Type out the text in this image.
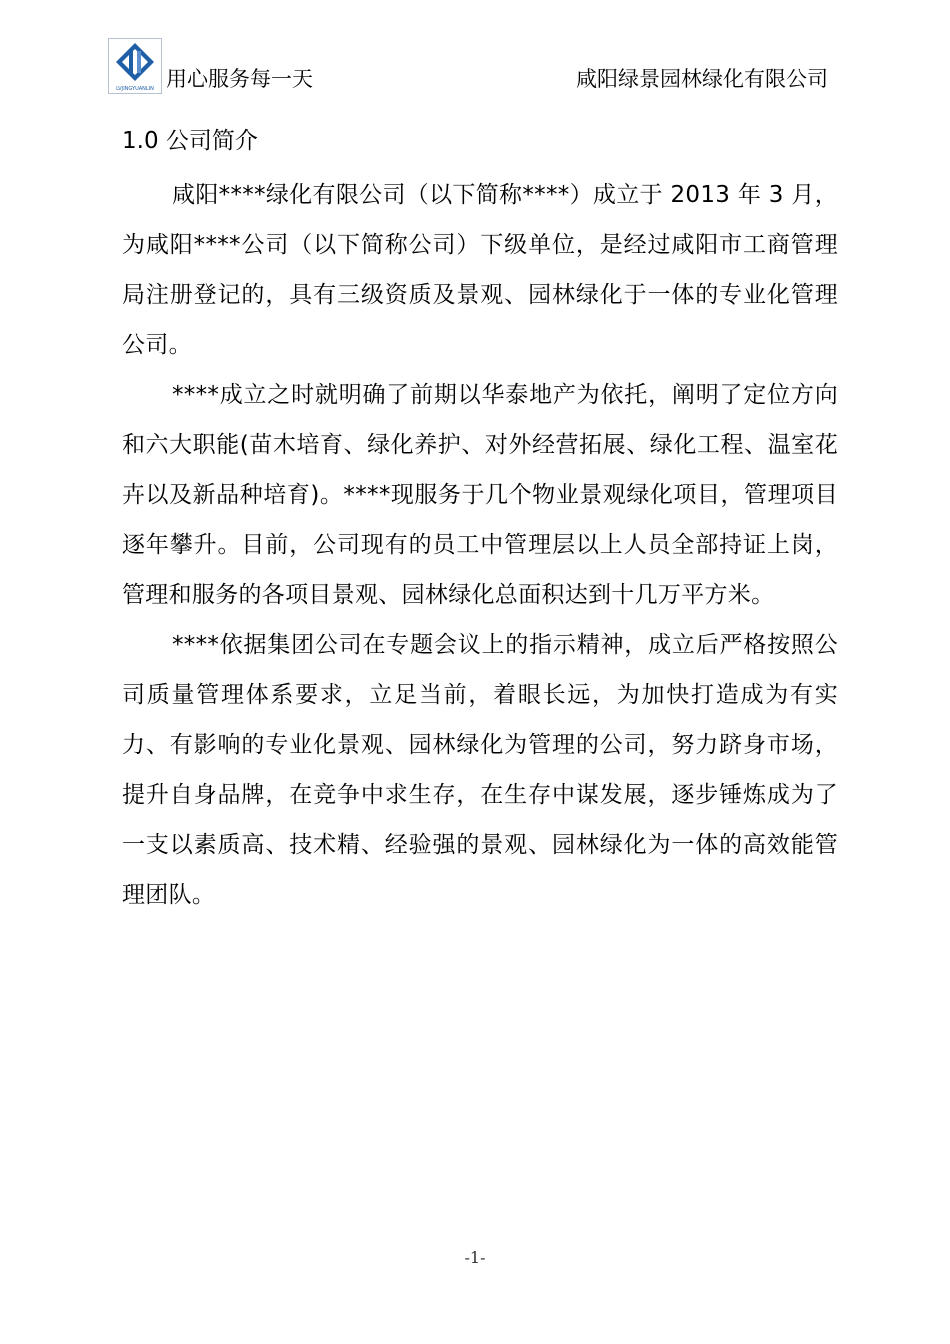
LVJINGYUANLIN 用心服务每一天	咸阳绿景园林绿化有限公司
1.0 公司简介

咸阳****绿化有限公司（以下简称****）成立于 2013 年 3 月，为咸阳****公司（以下简称公司）下级单位，是经过咸阳市工商管理局注册登记的，具有三级资质及景观、园林绿化于一体的专业化管理公司。

****成立之时就明确了前期以华泰地产为依托，阐明了定位方向和六大职能(苗木培育、绿化养护、对外经营拓展、绿化工程、温室花卉以及新品种培育)。****现服务于几个物业景观绿化项目，管理项目逐年攀升。目前，公司现有的员工中管理层以上人员全部持证上岗，管理和服务的各项目景观、园林绿化总面积达到十几万平方米。

****依据集团公司在专题会议上的指示精神，成立后严格按照公司质量管理体系要求，立足当前，着眼长远，为加快打造成为有实力、有影响的专业化景观、园林绿化为管理的公司，努力跻身市场，提升自身品牌，在竞争中求生存，在生存中谋发展，逐步锤炼成为了一支以素质高、技术精、经验强的景观、园林绿化为一体的高效能管理团队。

-1-
